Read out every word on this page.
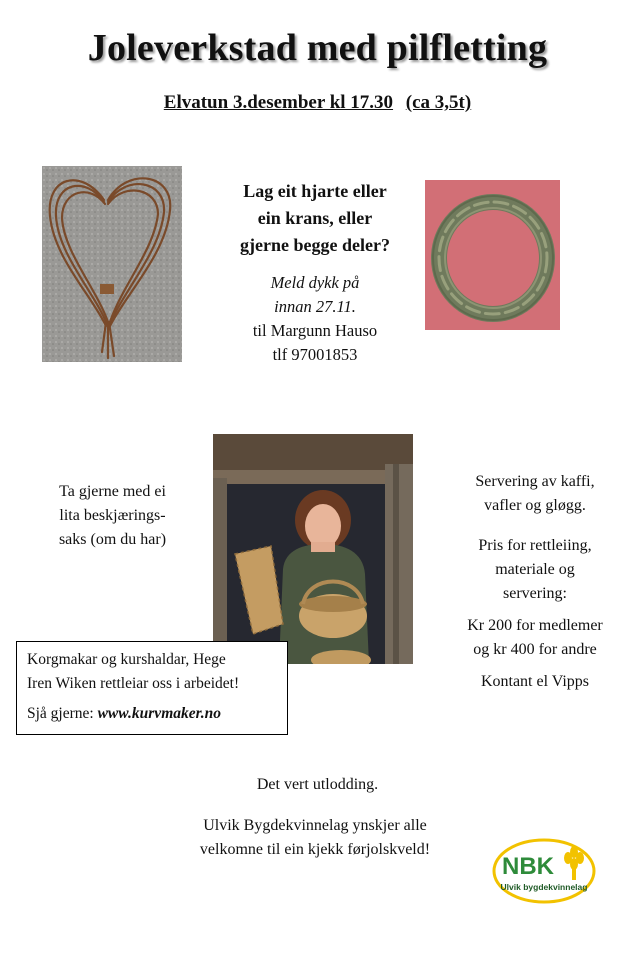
Joleverkstad med pilfletting
Elvatun 3.desember kl 17.30 (ca 3,5t)
Lag eit hjarte eller
ein krans, eller
gjerne begge deler?
Meld dykk på
innan 27.11.
til Margunn Hauso
tlf 97001853
Ta gjerne med ei
lita beskjærings-
saks (om du har)
Servering av kaffi,
vafler og gløgg.
Pris for rettleiing,
materiale og
servering:
Kr 200 for medlemer
og kr 400 for andre
Kontant el Vipps
Korgmakar og kurshaldar, Hege
Iren Wiken rettleiar oss i arbeidet!
Sjå gjerne: www.kurvmaker.no
Det vert utlodding.
Ulvik Bygdekvinnelag ynskjer alle
velkomne til ein kjekk førjolskveld!
NBK
Ulvik bygdekvinnelag
